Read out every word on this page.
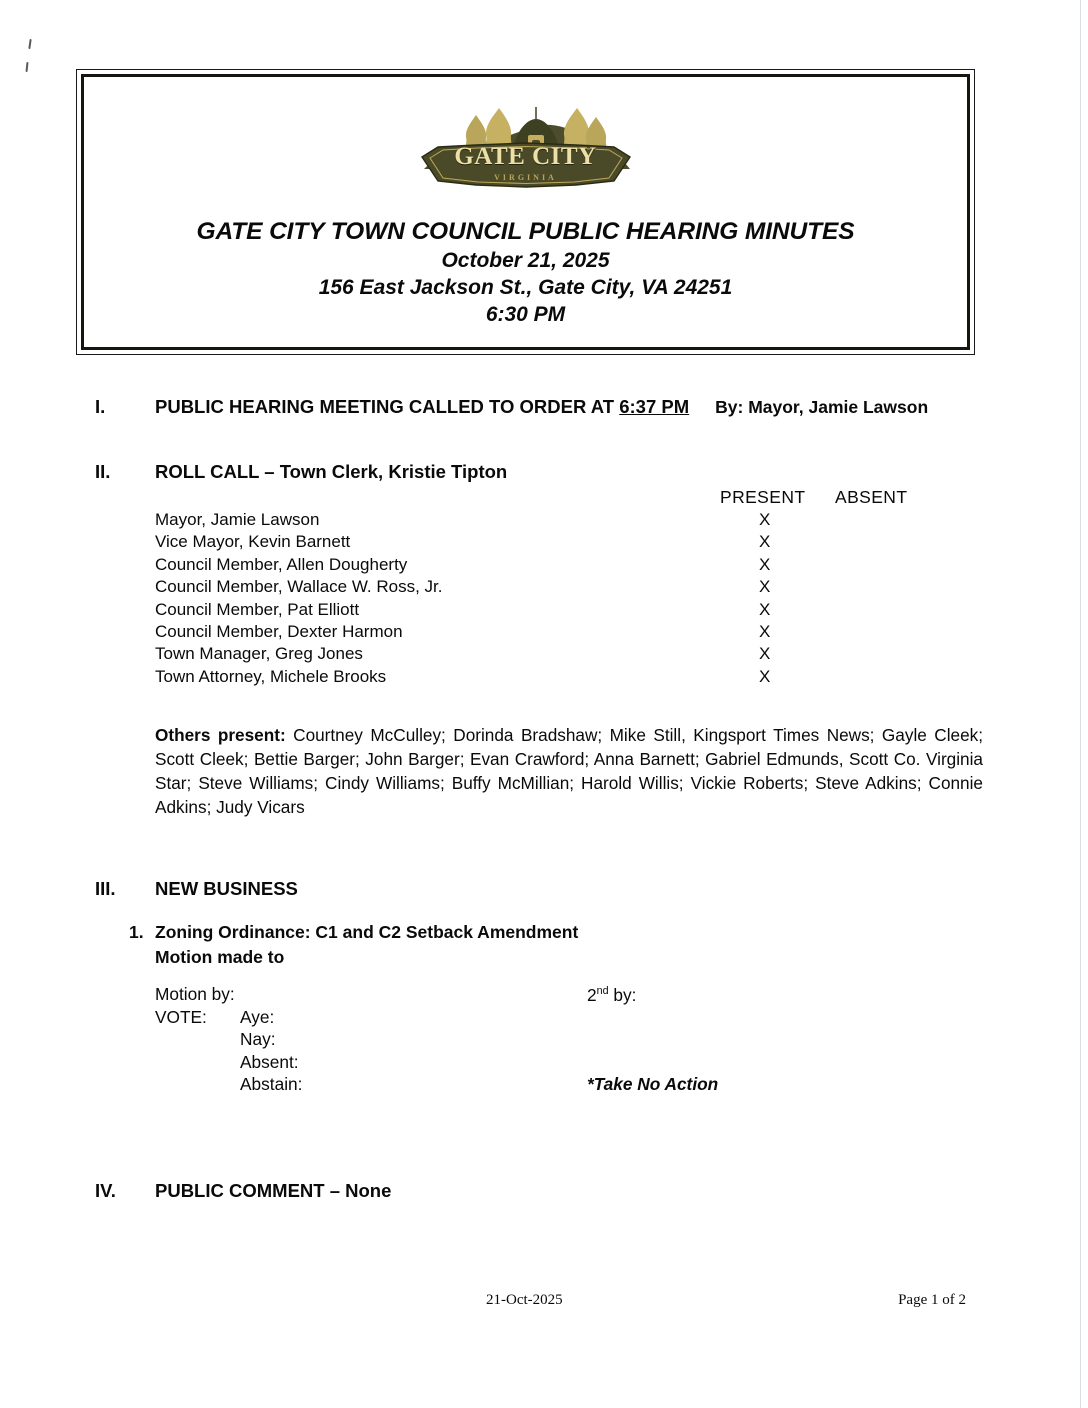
GATE CITY
VIRGINIA
GATE CITY TOWN COUNCIL PUBLIC HEARING MINUTES
October 21, 2025
156 East Jackson St., Gate City, VA 24251
6:30 PM
I.	PUBLIC HEARING MEETING CALLED TO ORDER AT 6:37 PM By: Mayor, Jamie Lawson
II.	ROLL CALL – Town Clerk, Kristie Tipton
PRESENT ABSENT
Mayor, Jamie Lawson	X
Vice Mayor, Kevin Barnett	X
Council Member, Allen Dougherty	X
Council Member, Wallace W. Ross, Jr.	X
Council Member, Pat Elliott	X
Council Member, Dexter Harmon	X
Town Manager, Greg Jones	X
Town Attorney, Michele Brooks	X
Others present: Courtney McCulley; Dorinda Bradshaw; Mike Still, Kingsport Times News; Gayle Cleek; Scott Cleek; Bettie Barger; John Barger; Evan Crawford; Anna Barnett; Gabriel Edmunds, Scott Co. Virginia Star; Steve Williams; Cindy Williams; Buffy McMillian; Harold Willis; Vickie Roberts; Steve Adkins; Connie Adkins; Judy Vicars
III.	NEW BUSINESS
1. Zoning Ordinance: C1 and C2 Setback Amendment
Motion made to
Motion by:	2nd by:
VOTE: Aye:
Nay:
Absent:
Abstain:	*Take No Action
IV.	PUBLIC COMMENT – None
21-Oct-2025	Page 1 of 2
